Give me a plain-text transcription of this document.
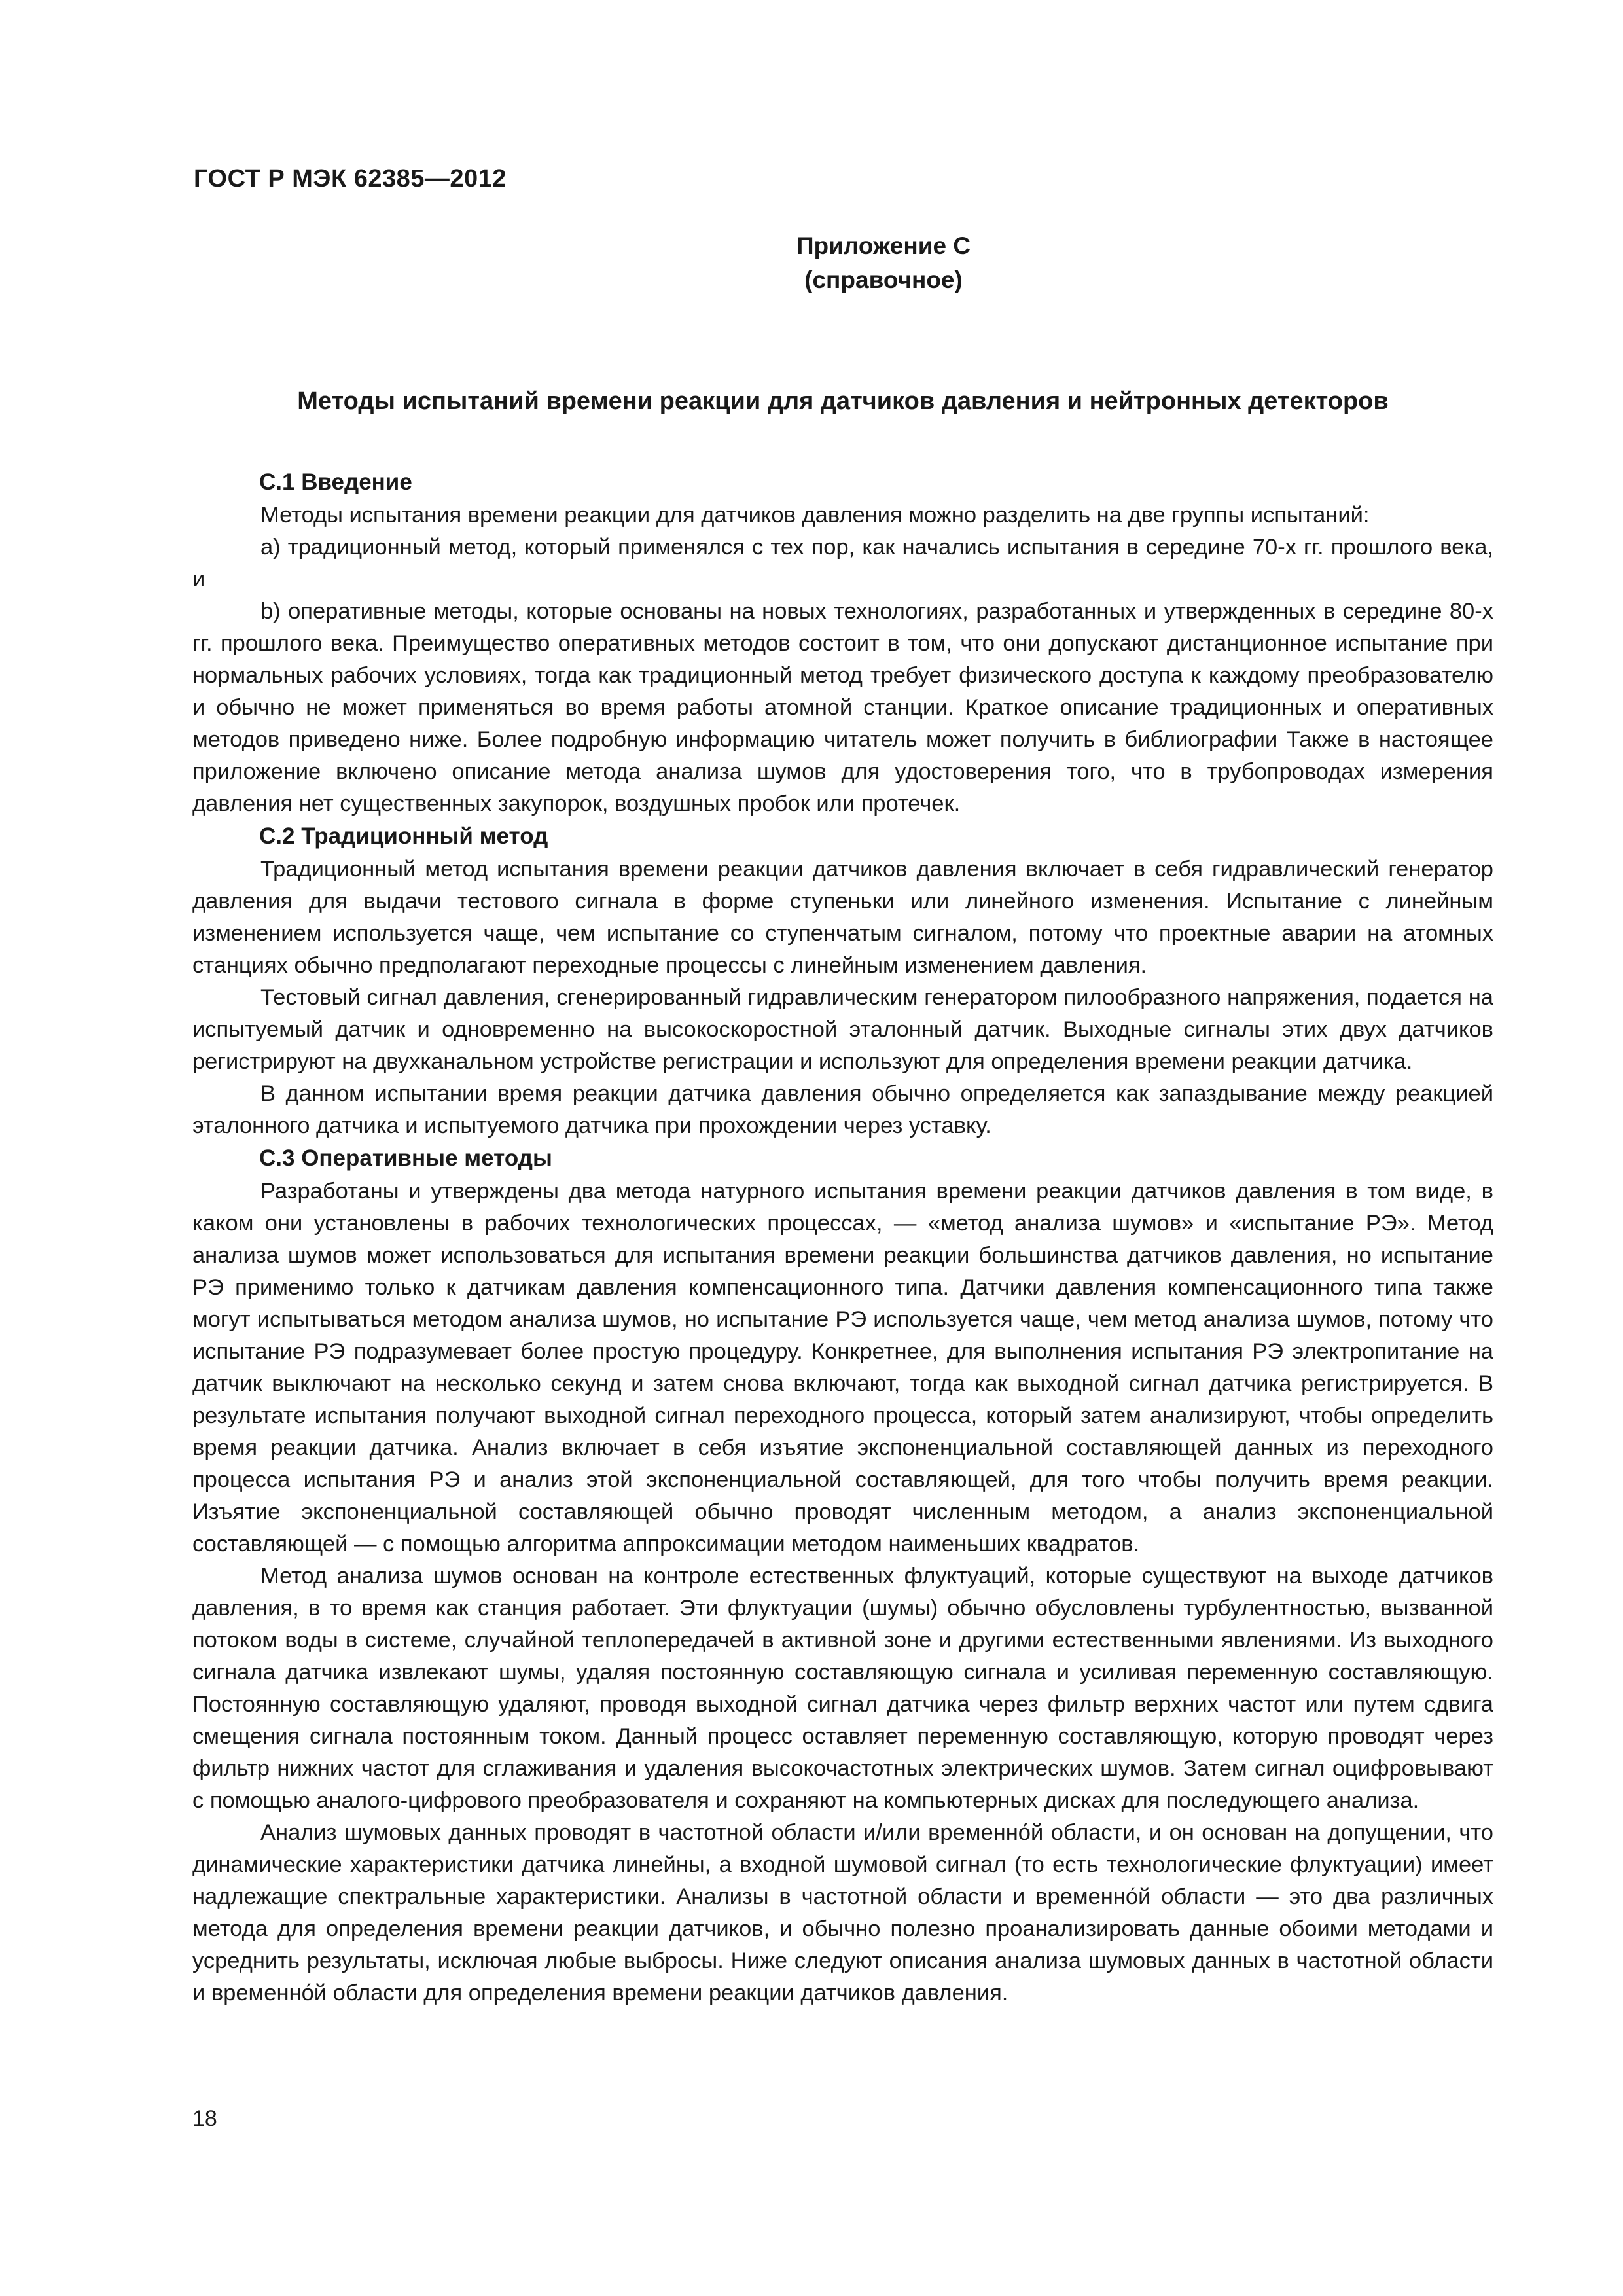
ГОСТ Р МЭК 62385—2012
Приложение С
(справочное)
Методы испытаний времени реакции для датчиков давления и нейтронных детекторов
С.1 Введение

Методы испытания времени реакции для датчиков давления можно разделить на две группы испытаний:

a) традиционный метод, который применялся с тех пор, как начались испытания в середине 70-х гг. прошлого века, и

b) оперативные методы, которые основаны на новых технологиях, разработанных и утвержденных в середине 80-х гг. прошлого века. Преимущество оперативных методов состоит в том, что они допускают дистанционное испытание при нормальных рабочих условиях, тогда как традиционный метод требует физического доступа к каждому преобразователю и обычно не может применяться во время работы атомной станции. Краткое описание традиционных и оперативных методов приведено ниже. Более подробную информацию читатель может получить в библиографии Также в настоящее приложение включено описание метода анализа шумов для удостоверения того, что в трубопроводах измерения давления нет существенных закупорок, воздушных пробок или протечек.

С.2 Традиционный метод

Традиционный метод испытания времени реакции датчиков давления включает в себя гидравлический генератор давления для выдачи тестового сигнала в форме ступеньки или линейного изменения. Испытание с линейным изменением используется чаще, чем испытание со ступенчатым сигналом, потому что проектные аварии на атомных станциях обычно предполагают переходные процессы с линейным изменением давления.

Тестовый сигнал давления, сгенерированный гидравлическим генератором пилообразного напряжения, подается на испытуемый датчик и одновременно на высокоскоростной эталонный датчик. Выходные сигналы этих двух датчиков регистрируют на двухканальном устройстве регистрации и используют для определения времени реакции датчика.

В данном испытании время реакции датчика давления обычно определяется как запаздывание между реакцией эталонного датчика и испытуемого датчика при прохождении через уставку.

С.3 Оперативные методы

Разработаны и утверждены два метода натурного испытания времени реакции датчиков давления в том виде, в каком они установлены в рабочих технологических процессах, — «метод анализа шумов» и «испытание РЭ». Метод анализа шумов может использоваться для испытания времени реакции большинства датчиков давления, но испытание РЭ применимо только к датчикам давления компенсационного типа. Датчики давления компенсационного типа также могут испытываться методом анализа шумов, но испытание РЭ используется чаще, чем метод анализа шумов, потому что испытание РЭ подразумевает более простую процедуру. Конкретнее, для выполнения испытания РЭ электропитание на датчик выключают на несколько секунд и затем снова включают, тогда как выходной сигнал датчика регистрируется. В результате испытания получают выходной сигнал переходного процесса, который затем анализируют, чтобы определить время реакции датчика. Анализ включает в себя изъятие экспоненциальной составляющей данных из переходного процесса испытания РЭ и анализ этой экспоненциальной составляющей, для того чтобы получить время реакции. Изъятие экспоненциальной составляющей обычно проводят численным методом, а анализ экспоненциальной составляющей — с помощью алгоритма аппроксимации методом наименьших квадратов.

Метод анализа шумов основан на контроле естественных флуктуаций, которые существуют на выходе датчиков давления, в то время как станция работает. Эти флуктуации (шумы) обычно обусловлены турбулентностью, вызванной потоком воды в системе, случайной теплопередачей в активной зоне и другими естественными явлениями. Из выходного сигнала датчика извлекают шумы, удаляя постоянную составляющую сигнала и усиливая переменную составляющую. Постоянную составляющую удаляют, проводя выходной сигнал датчика через фильтр верхних частот или путем сдвига смещения сигнала постоянным током. Данный процесс оставляет переменную составляющую, которую проводят через фильтр нижних частот для сглаживания и удаления высокочастотных электрических шумов. Затем сигнал оцифровывают с помощью аналого-цифрового преобразователя и сохраняют на компьютерных дисках для последующего анализа.

Анализ шумовых данных проводят в частотной области и/или временно́й области, и он основан на допущении, что динамические характеристики датчика линейны, а входной шумовой сигнал (то есть технологические флуктуации) имеет надлежащие спектральные характеристики. Анализы в частотной области и временно́й области — это два различных метода для определения времени реакции датчиков, и обычно полезно проанализировать данные обоими методами и усреднить результаты, исключая любые выбросы. Ниже следуют описания анализа шумовых данных в частотной области и временно́й области для определения времени реакции датчиков давления.

18
